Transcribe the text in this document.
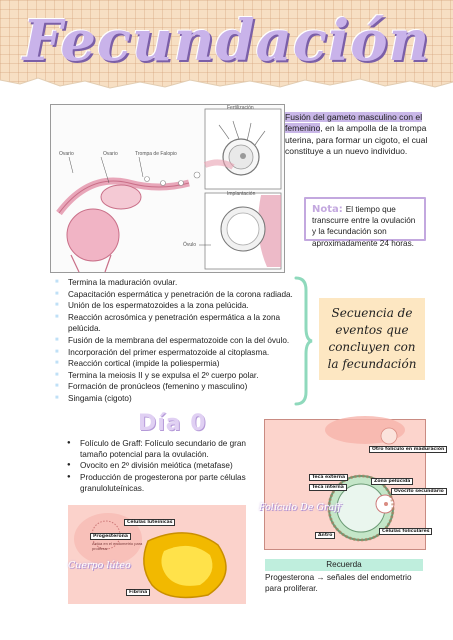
Fecundación
Fertilización
Implantación
Ovario	Ovario	Trompa de Falopio
Óvulo
Fusión del gameto masculino con el femenino, en la ampolla de la trompa uterina, para formar un cigoto, el cual constituye a un nuevo individuo.
Nota: El tiempo que transcurre entre la ovulación y la fecundación son aproximadamente 24 horas.
■ Termina la maduración ovular.
■ Capacitación espermática y penetración de la corona radiada.
■ Unión de los espermatozoides a la zona pelúcida.
■ Reacción acrosómica y penetración espermática a la zona pelúcida.
■ Fusión de la membrana del espermatozoide con la del óvulo.
■ Incorporación del primer espermatozoide al citoplasma.
■ Reacción cortical (impide la poliespermia)
■ Termina la meiosis II y se expulsa el 2º cuerpo polar.
■ Formación de pronúcleos (femenino y masculino)
■ Singamia (cigoto)
Secuencia de eventos que concluyen con la fecundación
Día 0
● Folículo de Graff: Folículo secundario de gran tamaño potencial para la ovulación.
● Ovocito en 2º división meiótica (metafase)
● Producción de progesterona por parte células granuloluteínicas.
Otro folículo en maduración
Teca externa
Teca interna
Zona pelúcida
Ovocito secundario
Antro
Células foliculares
Folículo De Graff
Células luteínicas
Progesterona
Actúa en el endometrio para proliferar
Fibrina
Cuerpo lúteo	Recuerda
Progesterona → señales del endometrio para proliferar.
